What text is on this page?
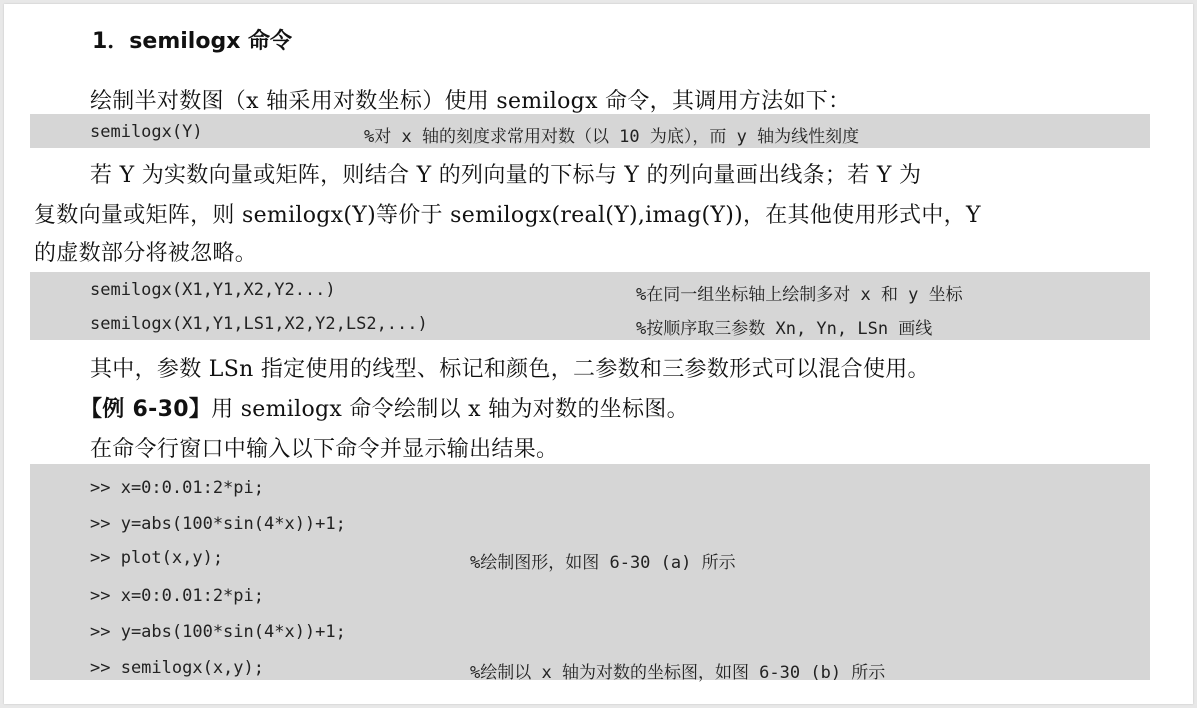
1．semilogx 命令
绘制半对数图（x 轴采用对数坐标）使用 semilogx 命令，其调用方法如下：
semilogx(Y)	%对 x 轴的刻度求常用对数（以 10 为底），而 y 轴为线性刻度
若 Y 为实数向量或矩阵，则结合 Y 的列向量的下标与 Y 的列向量画出线条；若 Y 为
复数向量或矩阵，则 semilogx(Y)等价于 semilogx(real(Y),imag(Y))，在其他使用形式中，Y
的虚数部分将被忽略。
semilogx(X1,Y1,X2,Y2...)	%在同一组坐标轴上绘制多对 x 和 y 坐标
semilogx(X1,Y1,LS1,X2,Y2,LS2,...)	%按顺序取三参数 Xn, Yn, LSn 画线
其中，参数 LSn 指定使用的线型、标记和颜色，二参数和三参数形式可以混合使用。
【例 6-30】用 semilogx 命令绘制以 x 轴为对数的坐标图。
在命令行窗口中输入以下命令并显示输出结果。
>> x=0:0.01:2*pi;
>> y=abs(100*sin(4*x))+1;
>> plot(x,y);	%绘制图形，如图 6-30 (a) 所示
>> x=0:0.01:2*pi;
>> y=abs(100*sin(4*x))+1;
>> semilogx(x,y);	%绘制以 x 轴为对数的坐标图，如图 6-30 (b) 所示
